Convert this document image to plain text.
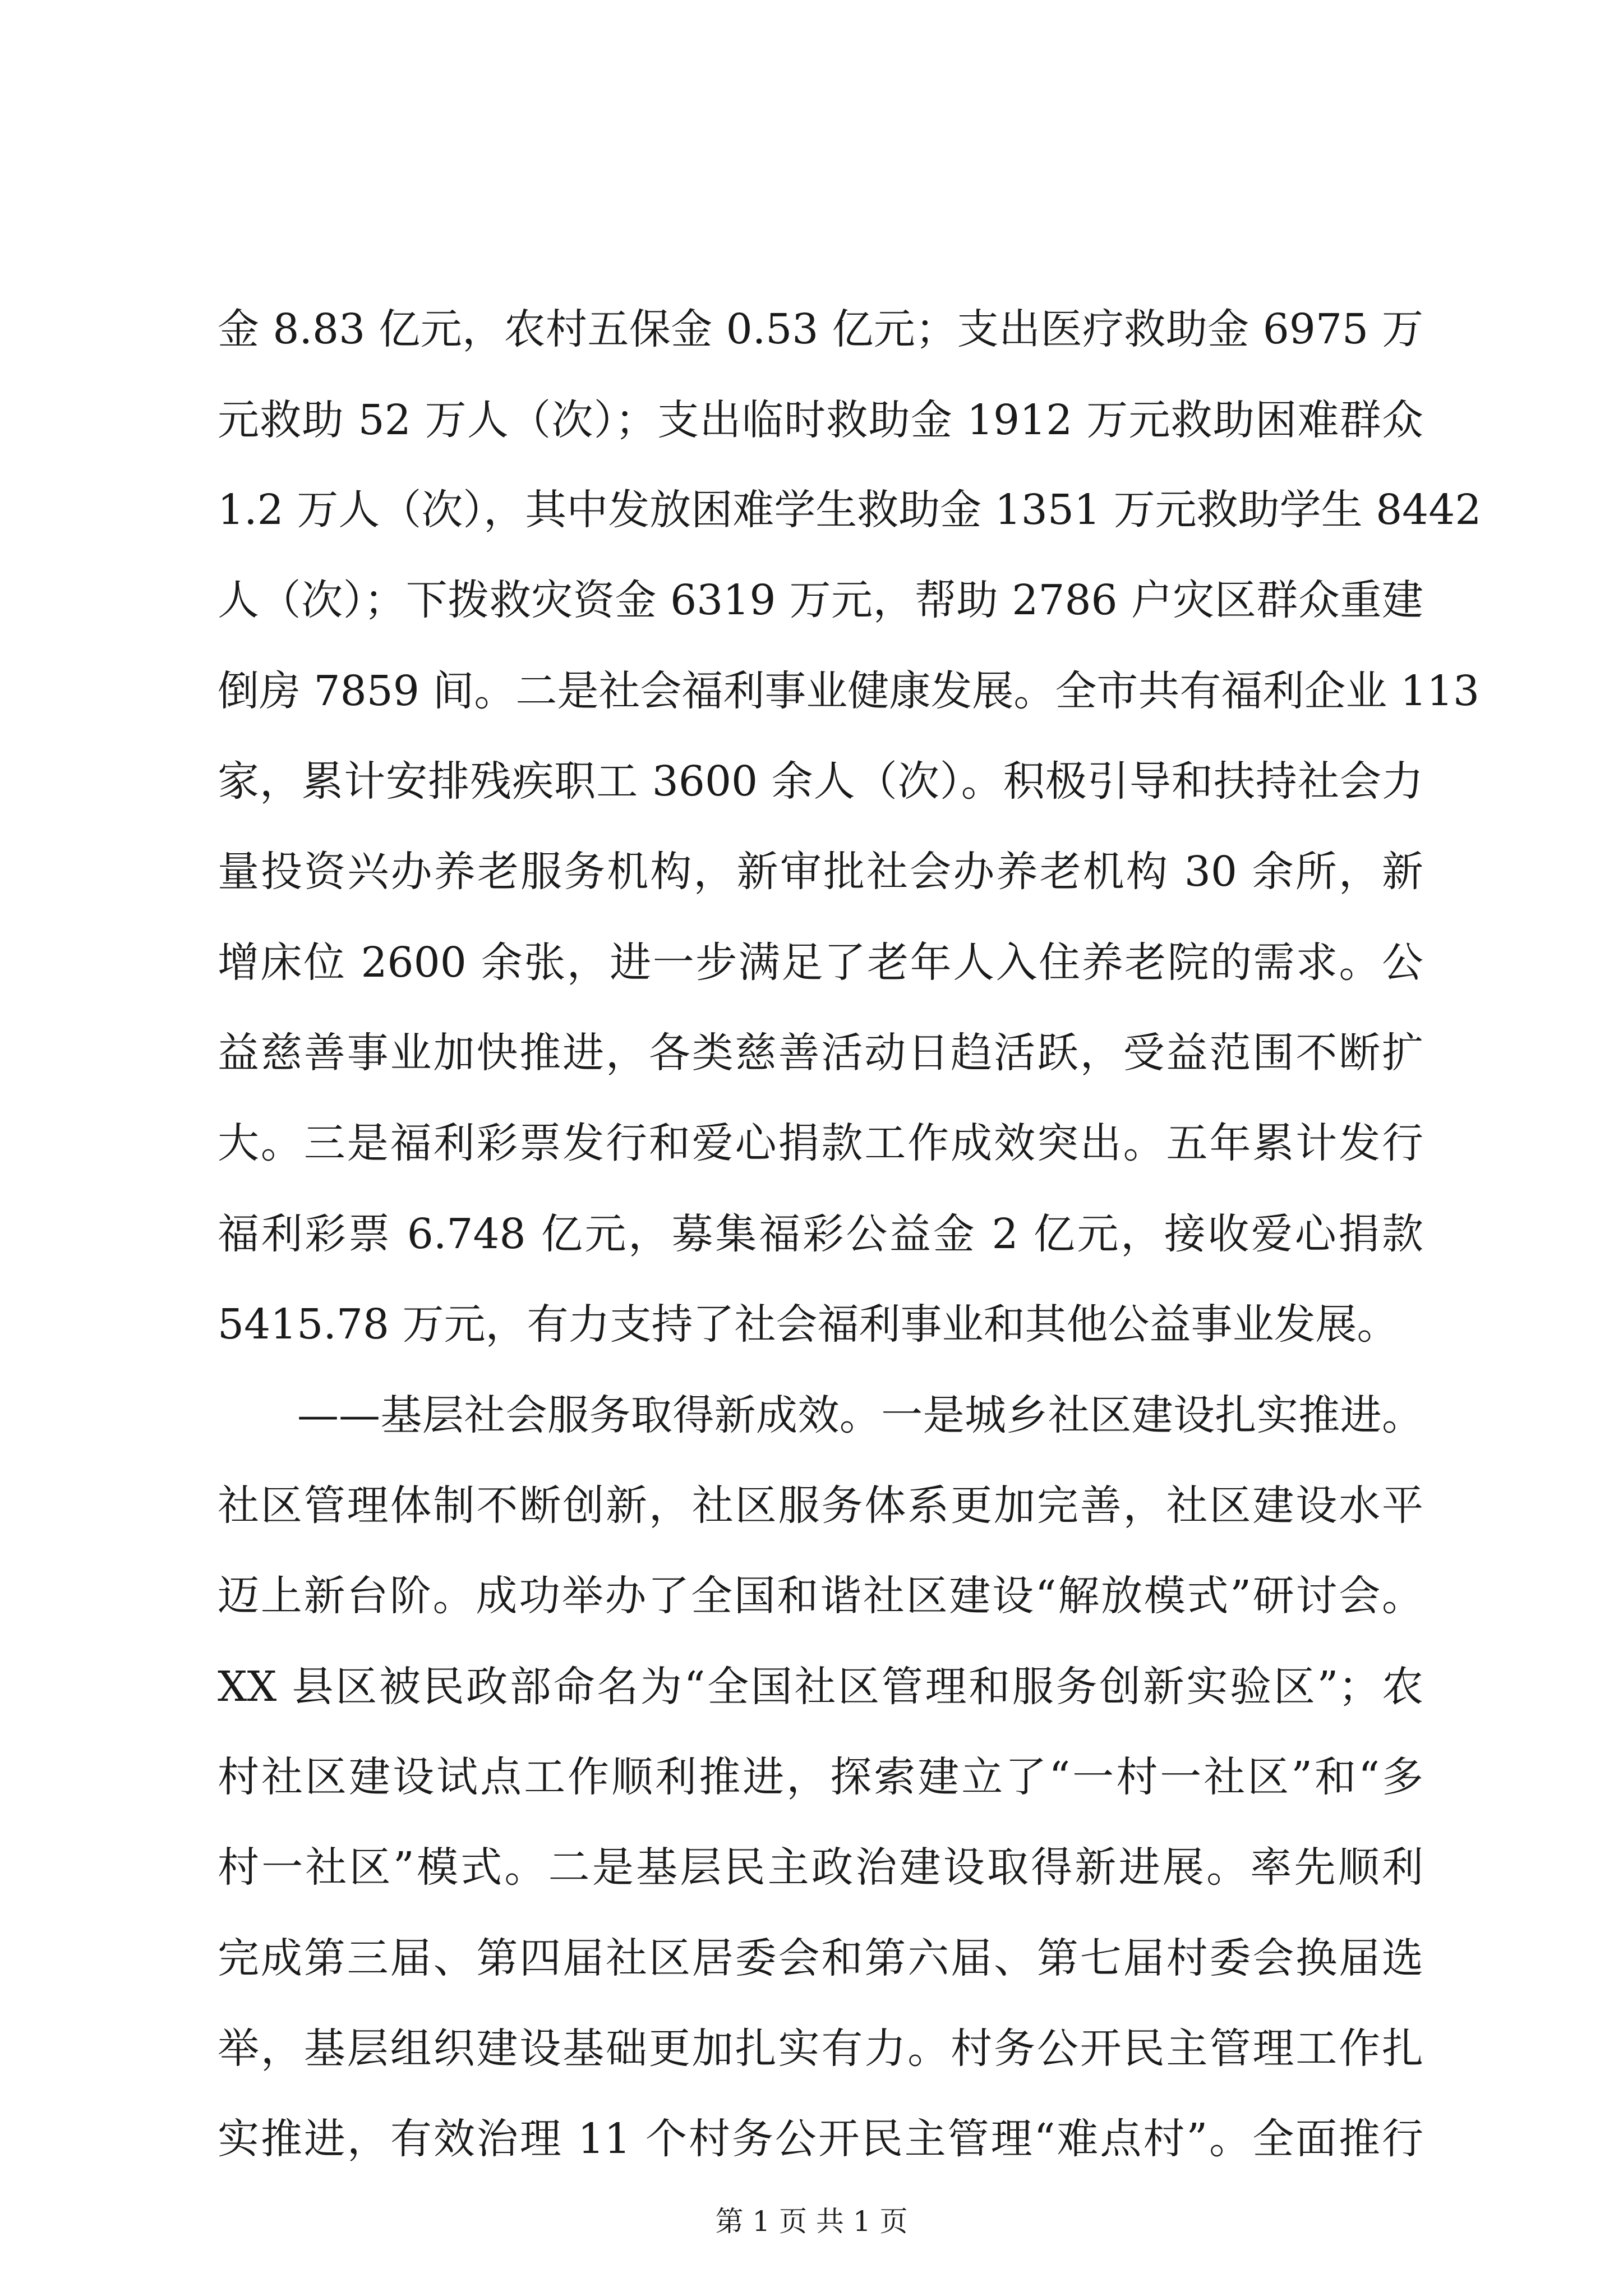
金 8.83 亿元，农村五保金 0.53 亿元；支出医疗救助金 6975 万
元救助 52 万人（次）；支出临时救助金 1912 万元救助困难群众
1.2 万人（次），其中发放困难学生救助金 1351 万元救助学生 8442
人（次）；下拨救灾资金 6319 万元，帮助 2786 户灾区群众重建
倒房 7859 间。二是社会福利事业健康发展。全市共有福利企业 113
家，累计安排残疾职工 3600 余人（次）。积极引导和扶持社会力
量投资兴办养老服务机构，新审批社会办养老机构 30 余所，新
增床位 2600 余张，进一步满足了老年人入住养老院的需求。公
益慈善事业加快推进，各类慈善活动日趋活跃，受益范围不断扩
大。三是福利彩票发行和爱心捐款工作成效突出。五年累计发行
福利彩票 6.748 亿元，募集福彩公益金 2 亿元，接收爱心捐款
5415.78 万元，有力支持了社会福利事业和其他公益事业发展。
——基层社会服务取得新成效。一是城乡社区建设扎实推进。
社区管理体制不断创新，社区服务体系更加完善，社区建设水平
迈上新台阶。成功举办了全国和谐社区建设“解放模式”研讨会。
XX 县区被民政部命名为“全国社区管理和服务创新实验区”；农
村社区建设试点工作顺利推进，探索建立了“一村一社区”和“多
村一社区”模式。二是基层民主政治建设取得新进展。率先顺利
完成第三届、第四届社区居委会和第六届、第七届村委会换届选
举，基层组织建设基础更加扎实有力。村务公开民主管理工作扎
实推进，有效治理 11 个村务公开民主管理“难点村”。全面推行
第 1 页 共 1 页
